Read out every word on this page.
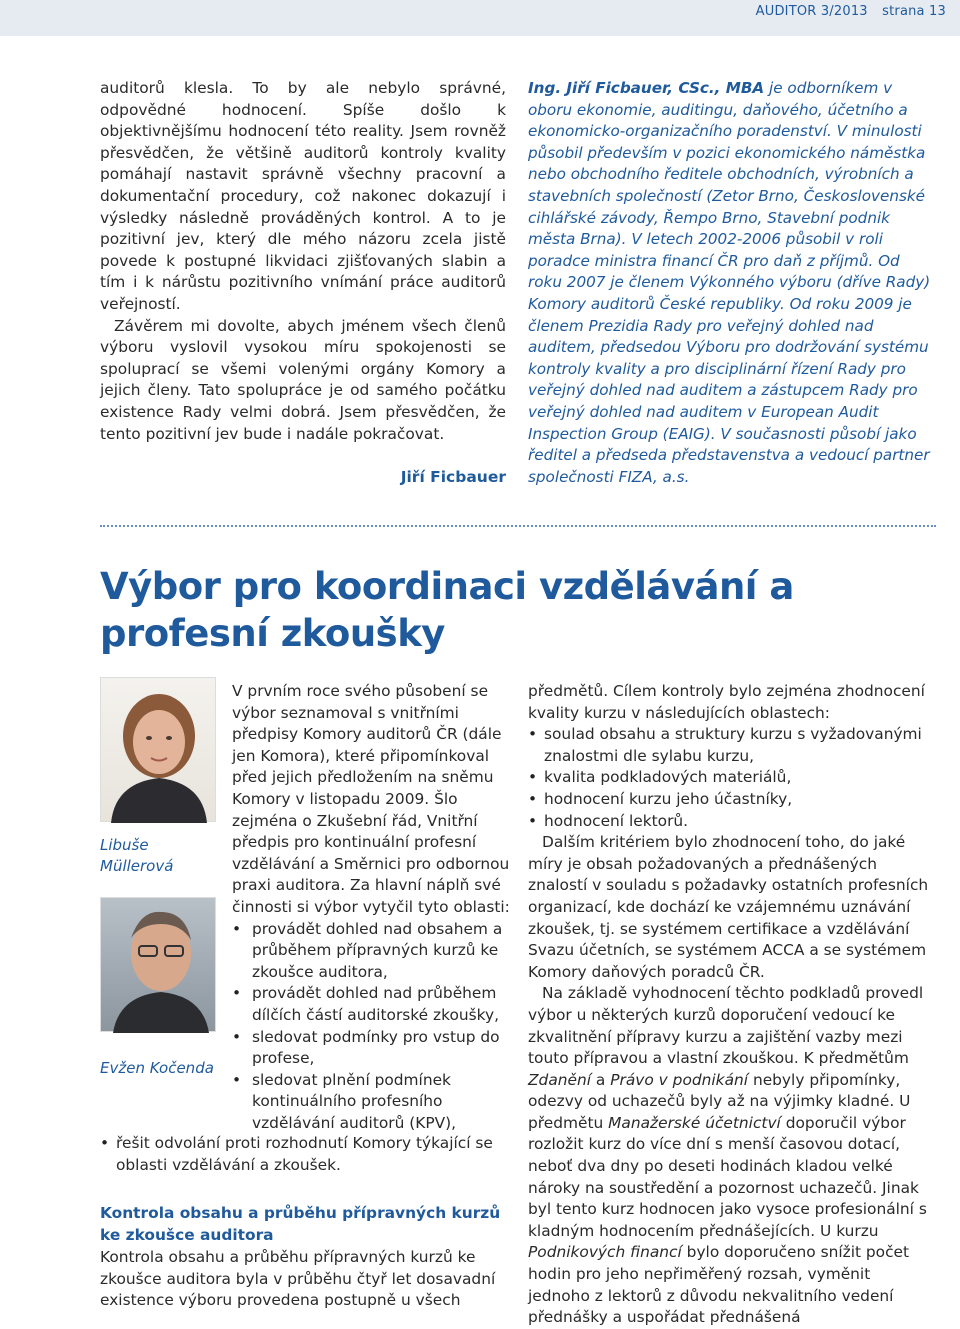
AUDITOR 3/2013 strana 13

auditorů klesla. To by ale nebylo správné, odpovědné hodnocení. Spíše došlo k objektivnějšímu hodnocení této reality. Jsem rovněž přesvědčen, že většině auditorů kontroly kvality pomáhají nastavit správně všechny pracovní a dokumentační procedury, což nakonec dokazují i výsledky následně prováděných kontrol. A to je pozitivní jev, který dle mého názoru zcela jistě povede k postupné likvidaci zjišťovaných slabin a tím i k nárůstu pozitivního vnímání práce auditorů veřejností.

Závěrem mi dovolte, abych jménem všech členů výboru vyslovil vysokou míru spokojenosti se spoluprací se všemi volenými orgány Komory a jejich členy. Tato spolupráce je od samého počátku existence Rady velmi dobrá. Jsem přesvědčen, že tento pozitivní jev bude i nadále pokračovat.

Jiří Ficbauer

Ing. Jiří Ficbauer, CSc., MBA je odborníkem v oboru ekonomie, auditingu, daňového, účetního a ekonomicko-organizačního poradenství. V minulosti působil především v pozici ekonomického náměstka nebo obchodního ředitele obchodních, výrobních a stavebních společností (Zetor Brno, Československé cihlářské závody, Řempo Brno, Stavební podnik města Brna). V letech 2002-2006 působil v roli poradce ministra financí ČR pro daň z příjmů. Od roku 2007 je členem Výkonného výboru (dříve Rady) Komory auditorů České republiky. Od roku 2009 je členem Prezidia Rady pro veřejný dohled nad auditem, předsedou Výboru pro dodržování systému kontroly kvality a pro disciplinární řízení Rady pro veřejný dohled nad auditem a zástupcem Rady pro veřejný dohled nad auditem v European Audit Inspection Group (EAIG). V současnosti působí jako ředitel a předseda představenstva a vedoucí partner společnosti FIZA, a.s.

Výbor pro koordinaci vzdělávání a profesní zkoušky
Libuše Müllerová
Evžen Kočenda

V prvním roce svého působení se výbor seznamoval s vnitřními předpisy Komory auditorů ČR (dále jen Komora), které připomínkoval před jejich předložením na sněmu Komory v listopadu 2009. Šlo zejména o Zkušební řád, Vnitřní předpis pro kontinuální profesní vzdělávání a Směrnici pro odbornou praxi auditora. Za hlavní náplň své činnosti si výbor vytyčil tyto oblasti:

• provádět dohled nad obsahem a průběhem přípravných kurzů ke zkoušce auditora,
• provádět dohled nad průběhem dílčích částí auditorské zkoušky,
• sledovat podmínky pro vstup do profese,
• sledovat plnění podmínek kontinuálního profesního vzdělávání auditorů (KPV),
• řešit odvolání proti rozhodnutí Komory týkající se oblasti vzdělávání a zkoušek.
Kontrola obsahu a průběhu přípravných kurzů ke zkoušce auditora

Kontrola obsahu a průběhu přípravných kurzů ke zkoušce auditora byla v průběhu čtyř let dosavadní existence výboru provedena postupně u všech

předmětů. Cílem kontroly bylo zejména zhodnocení kvality kurzu v následujících oblastech:

• soulad obsahu a struktury kurzu s vyžadovanými znalostmi dle sylabu kurzu,
• kvalita podkladových materiálů,
• hodnocení kurzu jeho účastníky,
• hodnocení lektorů.

Dalším kritériem bylo zhodnocení toho, do jaké míry je obsah požadovaných a přednášených znalostí v souladu s požadavky ostatních profesních organizací, kde dochází ke vzájemnému uznávání zkoušek, tj. se systémem certifikace a vzdělávání Svazu účetních, se systémem ACCA a se systémem Komory daňových poradců ČR.

Na základě vyhodnocení těchto podkladů provedl výbor u některých kurzů doporučení vedoucí ke zkvalitnění přípravy kurzu a zajištění vazby mezi touto přípravou a vlastní zkouškou. K předmětům Zdanění a Právo v podnikání nebyly připomínky, odezvy od uchazečů byly až na výjimky kladné. U předmětu Manažerské účetnictví doporučil výbor rozložit kurz do více dní s menší časovou dotací, neboť dva dny po deseti hodinách kladou velké nároky na soustředění a pozornost uchazečů. Jinak byl tento kurz hodnocen jako vysoce profesionální s kladným hodnocením přednášejících. U kurzu Podnikových financí bylo doporučeno snížit počet hodin pro jeho nepřiměřený rozsah, vyměnit jednoho z lektorů z důvodu nekvalitního vedení přednášky a uspořádat přednášená
